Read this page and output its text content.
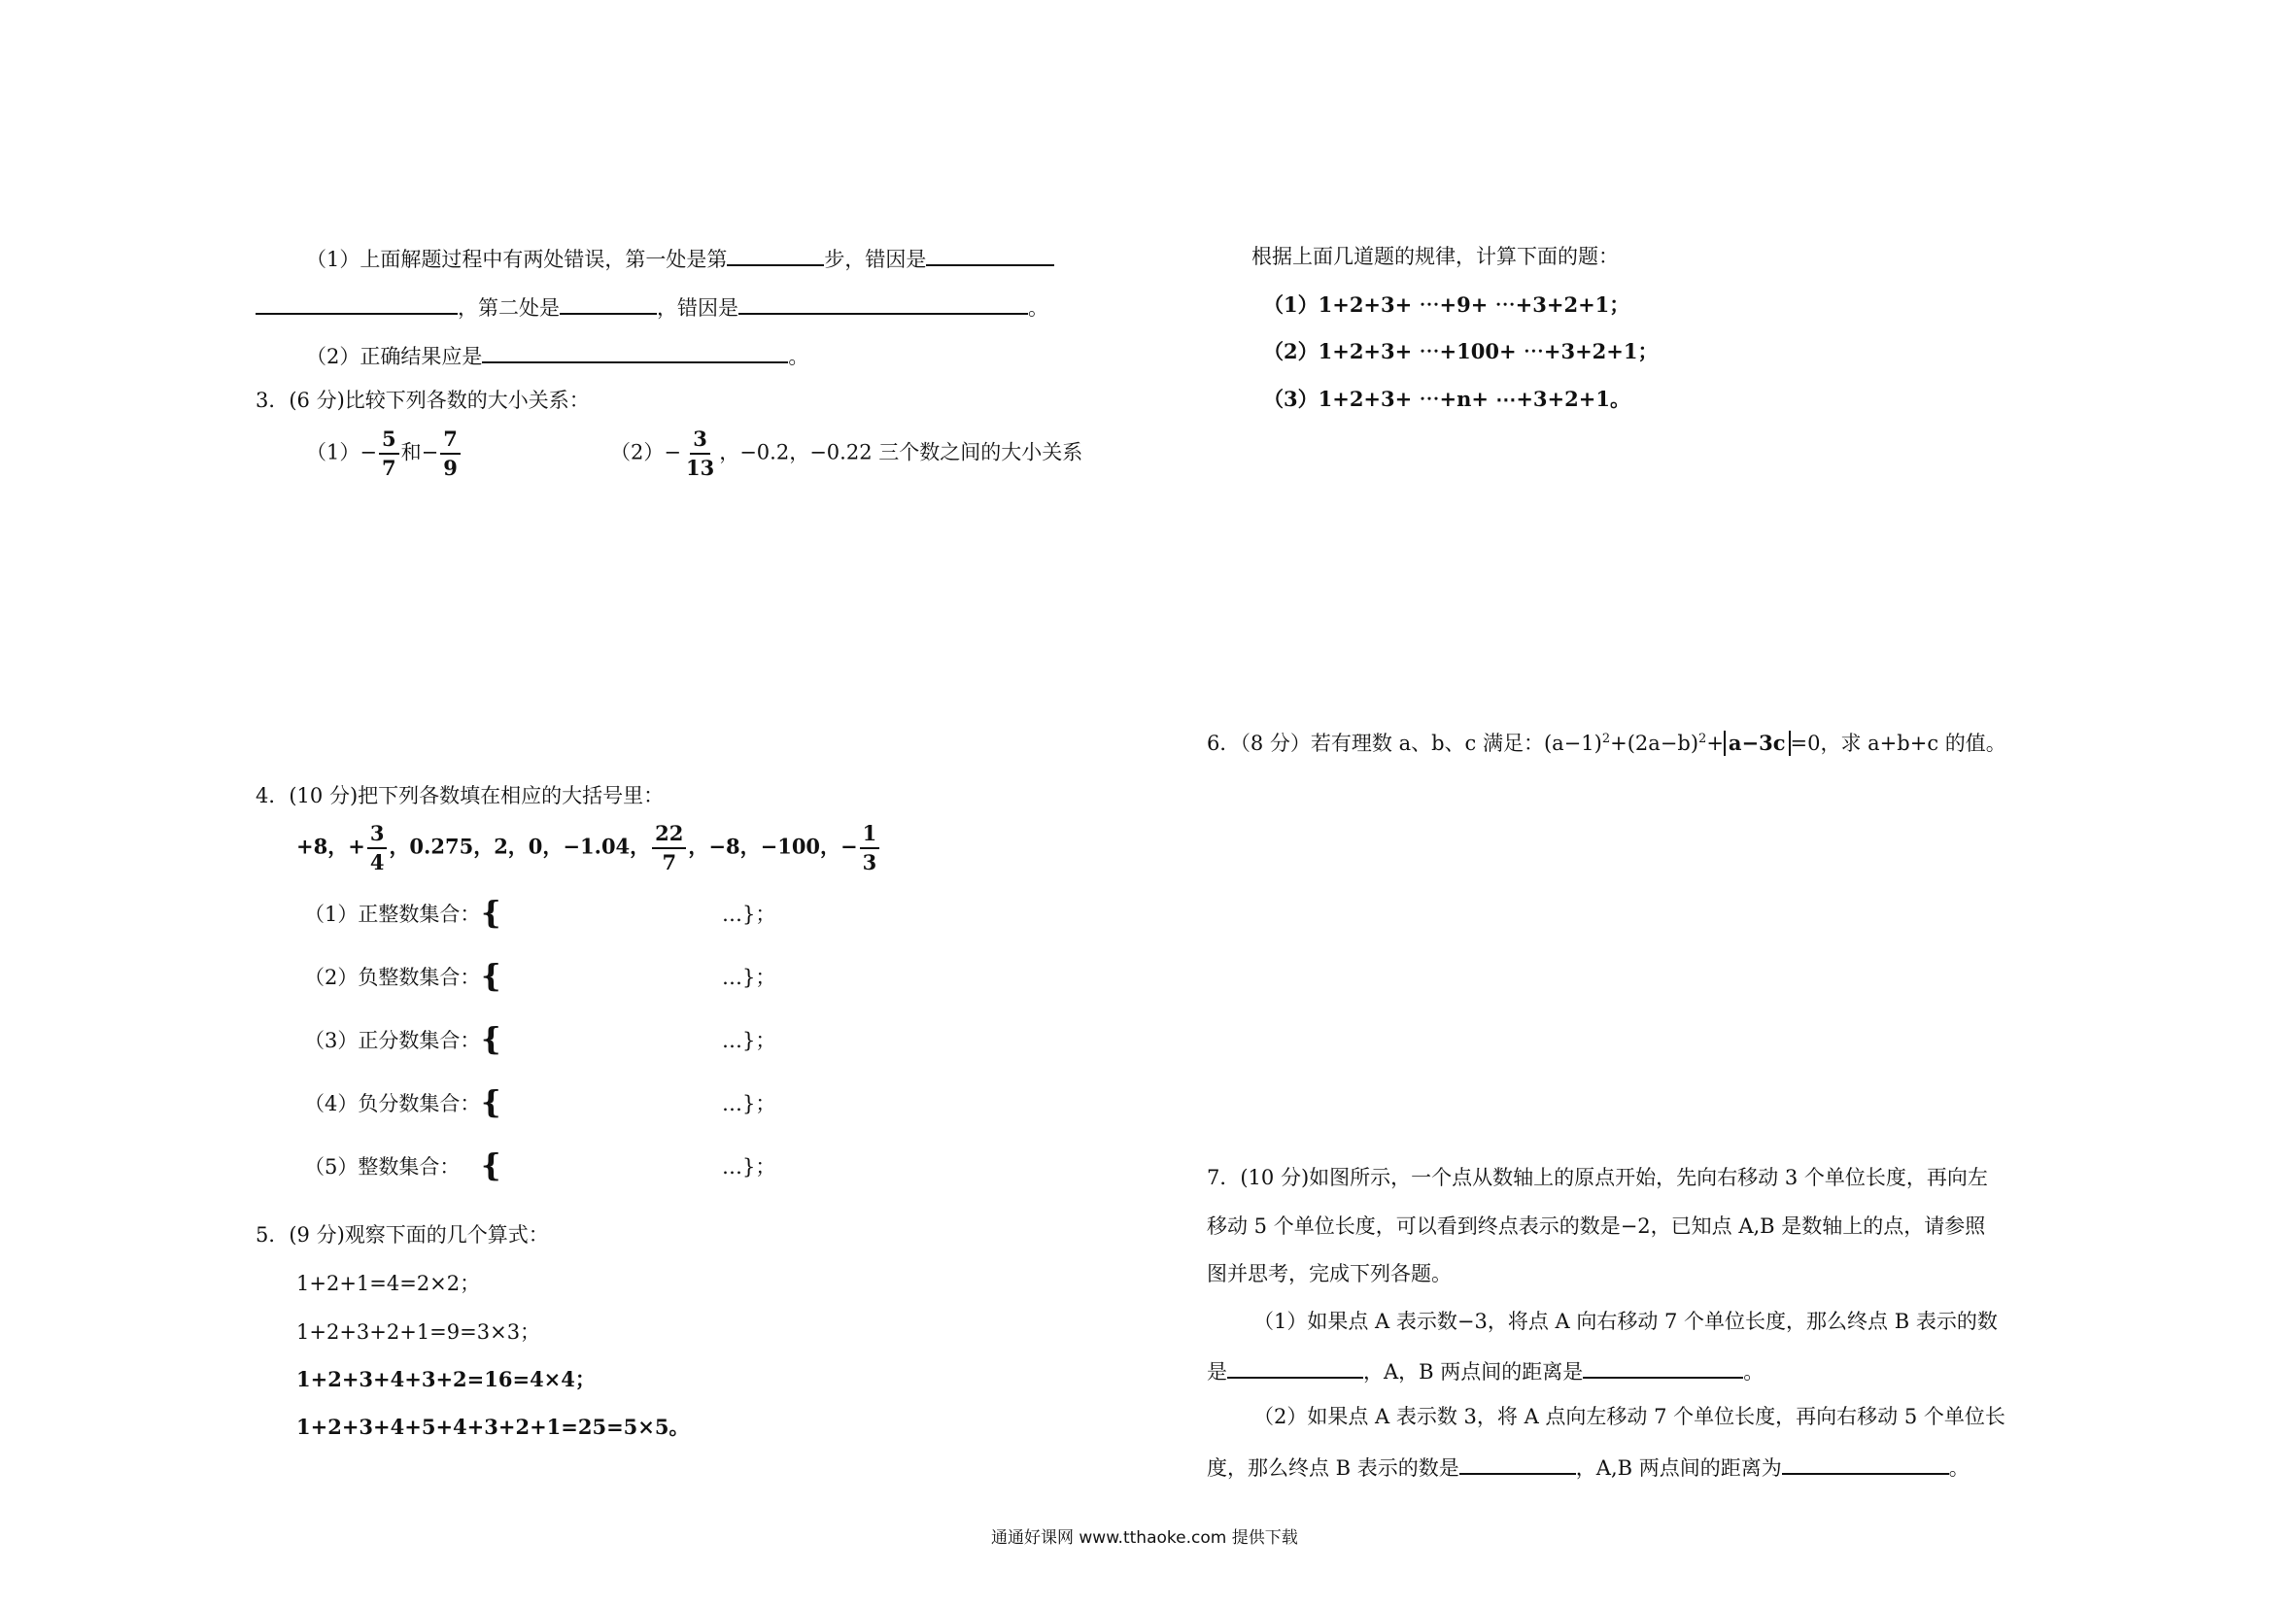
（1）上面解题过程中有两处错误，第一处是第	步，错因是
，第二处是	，错因是	。
（2）正确结果应是	。
3．(6 分)比较下列各数的大小关系：
$(1)- \frac{5}{7}$ 和− $\frac{7}{9}$	$(2)- \frac{3}{13}$ ，−0.2，−0.22 三个数之间的大小关系
4．(10 分)把下列各数填在相应的大括号里：
+8，+ $\frac{3}{4}$ ，0.275，2，0，−1.04， $\frac{22}{7}$ ，−8，−100，− $\frac{1}{3}$
（1）正整数集合： {	…}；
（2）负整数集合： {	…}；
（3）正分数集合： {	…}；
（4）负分数集合： {	…}；
（5）整数集合： {	…}；
5．(9 分)观察下面的几个算式：
1+2+1=4=2×2；
1+2+3+2+1=9=3×3；
1+2+3+4+3+2=16=4×4；
1+2+3+4+5+4+3+2+1=25=5×5。
根据上面几道题的规律，计算下面的题：
（1）1+2+3+ ⋯+9+ ⋯+3+2+1；
（2）1+2+3+ ⋯+100+ ⋯+3+2+1；
（3）1+2+3+ ⋯+n+ ⋯+3+2+1。
6．（8 分）若有理数 a、b、c 满足：$(a-1)^2+(2a-b)^2+ a-3c =0$，求 a+b+c 的值。
7．(10 分)如图所示，一个点从数轴上的原点开始，先向右移动 3 个单位长度，再向左
移动 5 个单位长度，可以看到终点表示的数是−2，已知点 A,B 是数轴上的点，请参照
图并思考，完成下列各题。
（1）如果点 A 表示数−3，将点 A 向右移动 7 个单位长度，那么终点 B 表示的数
是	，A，B 两点间的距离是	。
（2）如果点 A 表示数 3，将 A 点向左移动 7 个单位长度，再向右移动 5 个单位长
度，那么终点 B 表示的数是	，A,B 两点间的距离为	。
通通好课网 www.tthaoke.com 提供下载
